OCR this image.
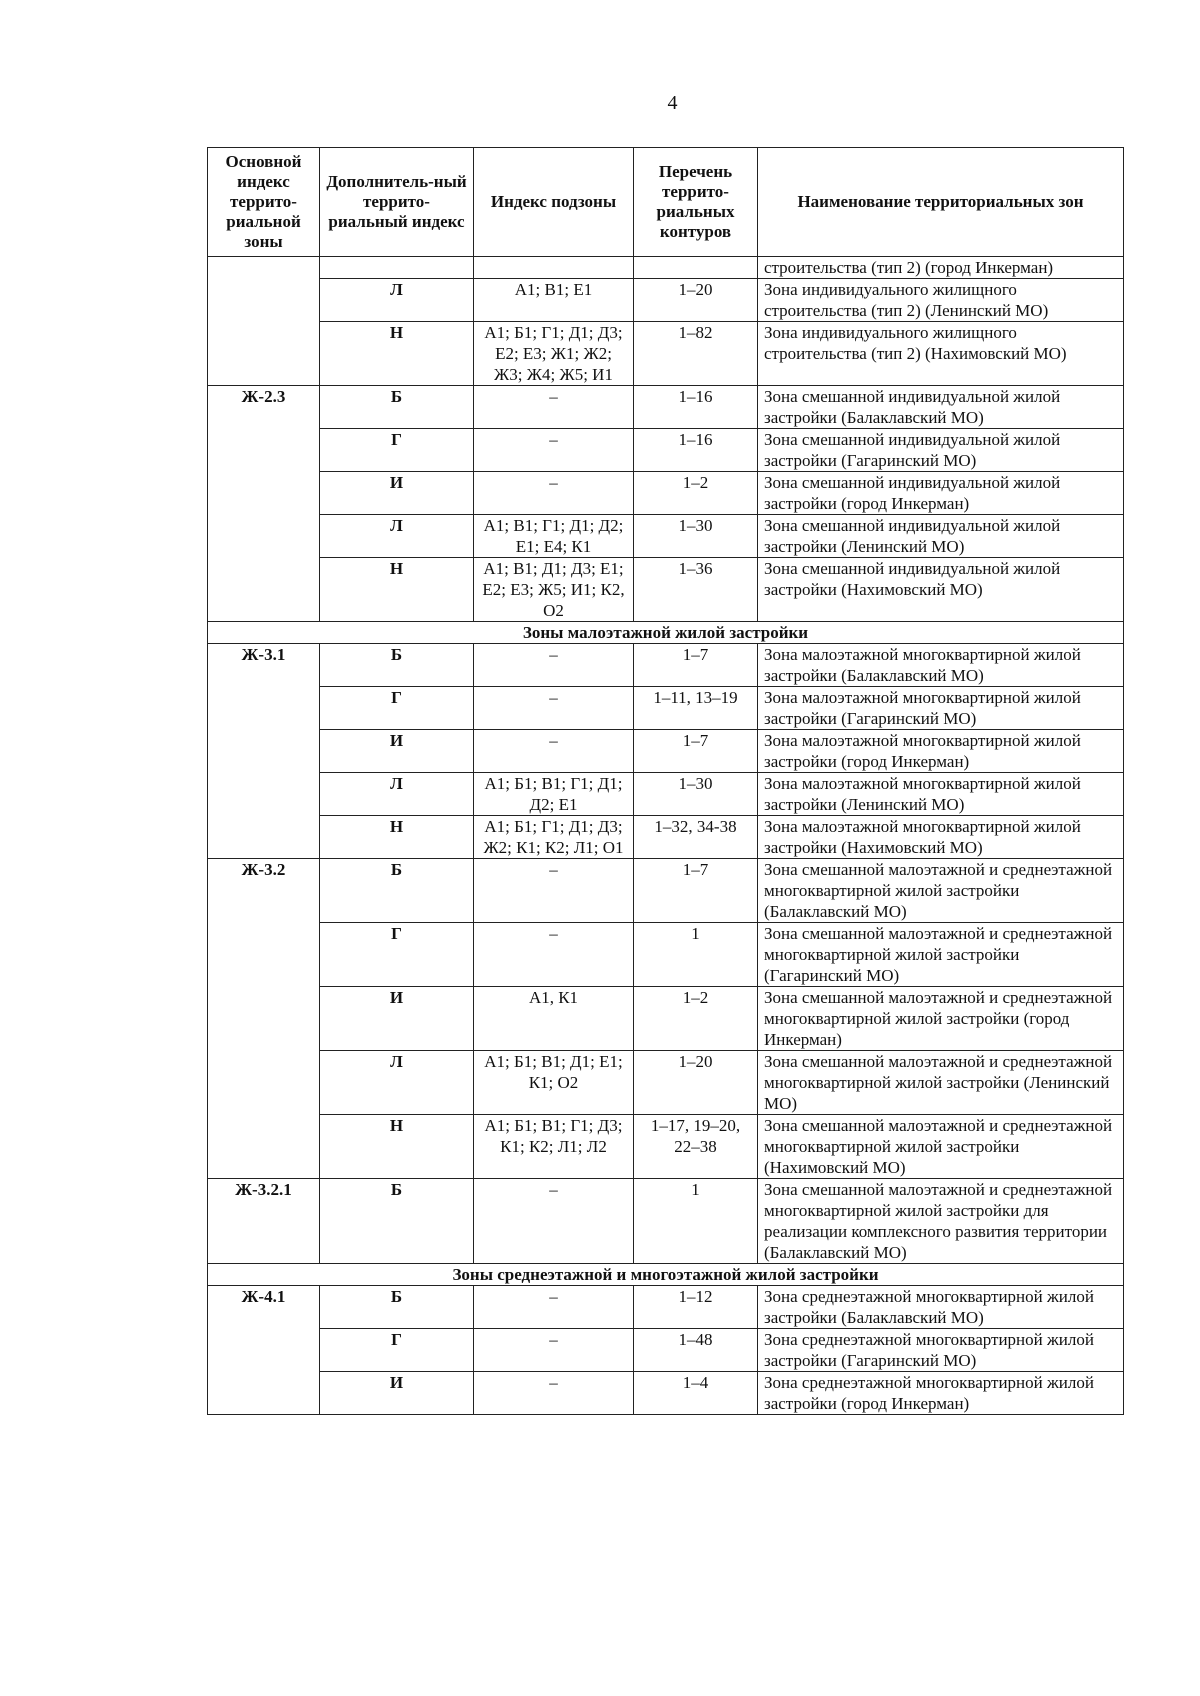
4
Основной индекс террито-риальной зоны	Дополнитель-ный террито-риальный индекс	Индекс подзоны	Перечень террито-риальных контуров	Наименование территориальных зон
				строительства (тип 2) (город Инкерман)
	Л	А1; В1; Е1	1–20	Зона индивидуального жилищного строительства (тип 2) (Ленинский МО)
	Н	А1; Б1; Г1; Д1; Д3; Е2; Е3; Ж1; Ж2; Ж3; Ж4; Ж5; И1	1–82	Зона индивидуального жилищного строительства (тип 2) (Нахимовский МО)
Ж-2.3	Б	–	1–16	Зона смешанной индивидуальной жилой застройки (Балаклавский МО)
	Г	–	1–16	Зона смешанной индивидуальной жилой застройки (Гагаринский МО)
	И	–	1–2	Зона смешанной индивидуальной жилой застройки (город Инкерман)
	Л	А1; В1; Г1; Д1; Д2; Е1; Е4; К1	1–30	Зона смешанной индивидуальной жилой застройки (Ленинский МО)
	Н	А1; В1; Д1; Д3; Е1; Е2; Е3; Ж5; И1; К2, О2	1–36	Зона смешанной индивидуальной жилой застройки (Нахимовский МО)
Зоны малоэтажной жилой застройки				
Ж-3.1	Б	–	1–7	Зона малоэтажной многоквартирной жилой застройки (Балаклавский МО)
	Г	–	1–11, 13–19	Зона малоэтажной многоквартирной жилой застройки (Гагаринский МО)
	И	–	1–7	Зона малоэтажной многоквартирной жилой застройки (город Инкерман)
	Л	А1; Б1; В1; Г1; Д1; Д2; Е1	1–30	Зона малоэтажной многоквартирной жилой застройки (Ленинский МО)
	Н	А1; Б1; Г1; Д1; Д3; Ж2; К1; К2; Л1; О1	1–32, 34-38	Зона малоэтажной многоквартирной жилой застройки (Нахимовский МО)
Ж-3.2	Б	–	1–7	Зона смешанной малоэтажной и среднеэтажной многоквартирной жилой застройки (Балаклавский МО)
	Г	–	1	Зона смешанной малоэтажной и среднеэтажной многоквартирной жилой застройки (Гагаринский МО)
	И	А1, К1	1–2	Зона смешанной малоэтажной и среднеэтажной многоквартирной жилой застройки (город Инкерман)
	Л	А1; Б1; В1; Д1; Е1; К1; О2	1–20	Зона смешанной малоэтажной и среднеэтажной многоквартирной жилой застройки (Ленинский МО)
	Н	А1; Б1; В1; Г1; Д3; К1; К2; Л1; Л2	1–17, 19–20, 22–38	Зона смешанной малоэтажной и среднеэтажной многоквартирной жилой застройки (Нахимовский МО)
Ж-3.2.1	Б	–	1	Зона смешанной малоэтажной и среднеэтажной многоквартирной жилой застройки для реализации комплексного развития территории (Балаклавский МО)
Зоны среднеэтажной и многоэтажной жилой застройки				
Ж-4.1	Б	–	1–12	Зона среднеэтажной многоквартирной жилой застройки (Балаклавский МО)
	Г	–	1–48	Зона среднеэтажной многоквартирной жилой застройки (Гагаринский МО)
	И	–	1–4	Зона среднеэтажной многоквартирной жилой застройки (город Инкерман)
